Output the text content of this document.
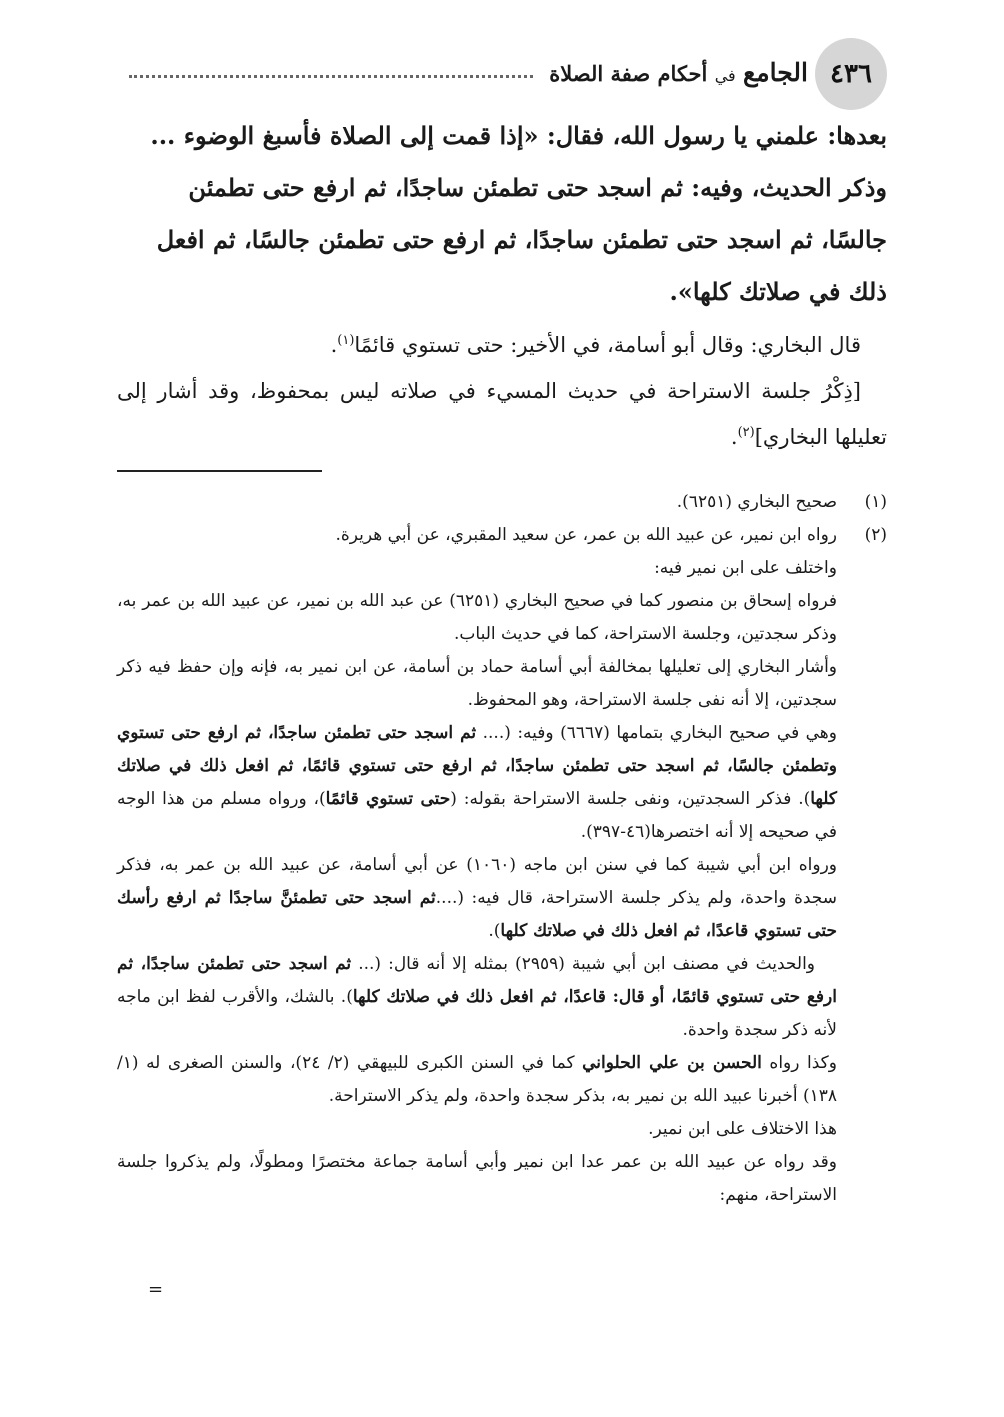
٤٣٦
الجامع في أحكام صفة الصلاة

بعدها: علمني يا رسول الله، فقال: «إذا قمت إلى الصلاة فأسبغ الوضوء ...

وذكر الحديث، وفيه: ثم اسجد حتى تطمئن ساجدًا، ثم ارفع حتى تطمئن

جالسًا، ثم اسجد حتى تطمئن ساجدًا، ثم ارفع حتى تطمئن جالسًا، ثم افعل

ذلك في صلاتك كلها».

قال البخاري: وقال أبو أسامة، في الأخير: حتى تستوي قائمًا$^{(١)}$.

[ذِكْرُ جلسة الاستراحة في حديث المسيء في صلاته ليس بمحفوظ، وقد أشار إلى تعليلها البخاري]$^{(٢)}$.

(١)

صحيح البخاري (٦٢٥١).

(٢)

رواه ابن نمير، عن عبيد الله بن عمر، عن سعيد المقبري، عن أبي هريرة.

واختلف على ابن نمير فيه:

فرواه إسحاق بن منصور كما في صحيح البخاري (٦٢٥١) عن عبد الله بن نمير، عن عبيد الله بن عمر به، وذكر سجدتين، وجلسة الاستراحة، كما في حديث الباب.

وأشار البخاري إلى تعليلها بمخالفة أبي أسامة حماد بن أسامة، عن ابن نمير به، فإنه وإن حفظ فيه ذكر سجدتين، إلا أنه نفى جلسة الاستراحة، وهو المحفوظ.

وهي في صحيح البخاري بتمامها (٦٦٦٧) وفيه: (.... ثم اسجد حتى تطمئن ساجدًا، ثم ارفع حتى تستوي وتطمئن جالسًا، ثم اسجد حتى تطمئن ساجدًا، ثم ارفع حتى تستوي قائمًا، ثم افعل ذلك في صلاتك كلها). فذكر السجدتين، ونفى جلسة الاستراحة بقوله: (حتى تستوي قائمًا)، ورواه مسلم من هذا الوجه في صحيحه إلا أنه اختصرها(٤٦-٣٩٧).

ورواه ابن أبي شيبة كما في سنن ابن ماجه (١٠٦٠) عن أبي أسامة، عن عبيد الله بن عمر به، فذكر سجدة واحدة، ولم يذكر جلسة الاستراحة، قال فيه: (....ثم اسجد حتى تطمئنَّ ساجدًا ثم ارفع رأسك حتى تستوي قاعدًا، ثم افعل ذلك في صلاتك كلها).

والحديث في مصنف ابن أبي شيبة (٢٩٥٩) بمثله إلا أنه قال: (... ثم اسجد حتى تطمئن ساجدًا، ثم ارفع حتى تستوي قائمًا، أو قال: قاعدًا، ثم افعل ذلك في صلاتك كلها). بالشك، والأقرب لفظ ابن ماجه لأنه ذكر سجدة واحدة.

وكذا رواه الحسن بن علي الحلواني كما في السنن الكبرى للبيهقي (٢/ ٢٤)، والسنن الصغرى له (١/ ١٣٨) أخبرنا عبيد الله بن نمير به، بذكر سجدة واحدة، ولم يذكر الاستراحة.

هذا الاختلاف على ابن نمير.

وقد رواه عن عبيد الله بن عمر عدا ابن نمير وأبي أسامة جماعة مختصرًا ومطولًا، ولم يذكروا جلسة الاستراحة، منهم:

=
